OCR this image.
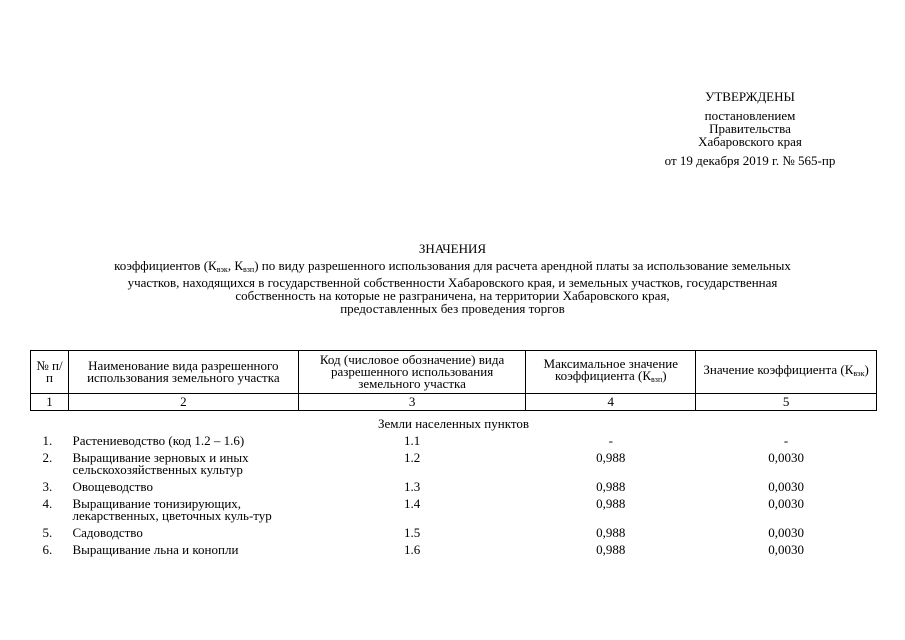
УТВЕРЖДЕНЫ
постановлением
Правительства
Хабаровского края
от 19 декабря 2019 г. № 565-пр
ЗНАЧЕНИЯ
коэффициентов ($К_{вэк}$, $К_{взп}$) по виду разрешенного использования для расчета арендной платы за использование земельных
участков, находящихся в государственной собственности Хабаровского края, и земельных участков, государственная
собственность на которые не разграничена, на территории Хабаровского края,
предоставленных без проведения торгов
№ п/п	Наименование вида разрешенного использования земельного участка	Код (числовое обозначение) вида разрешенного использования земельного участка	Максимальное значение коэффициента $(К_{взп})$	Значение коэффициента $(К_{вэк})$
1	2	3	4	5
Земли населенных пунктов				
1.	Растениеводство (код 1.2 – 1.6)	1.1	-	-
2.	Выращивание зерновых и иных сельскохозяйственных культур	1.2	0,988	0,0030
3.	Овощеводство	1.3	0,988	0,0030
4.	Выращивание тонизирующих, лекарственных, цветочных куль-тур	1.4	0,988	0,0030
5.	Садоводство	1.5	0,988	0,0030
6.	Выращивание льна и конопли	1.6	0,988	0,0030
